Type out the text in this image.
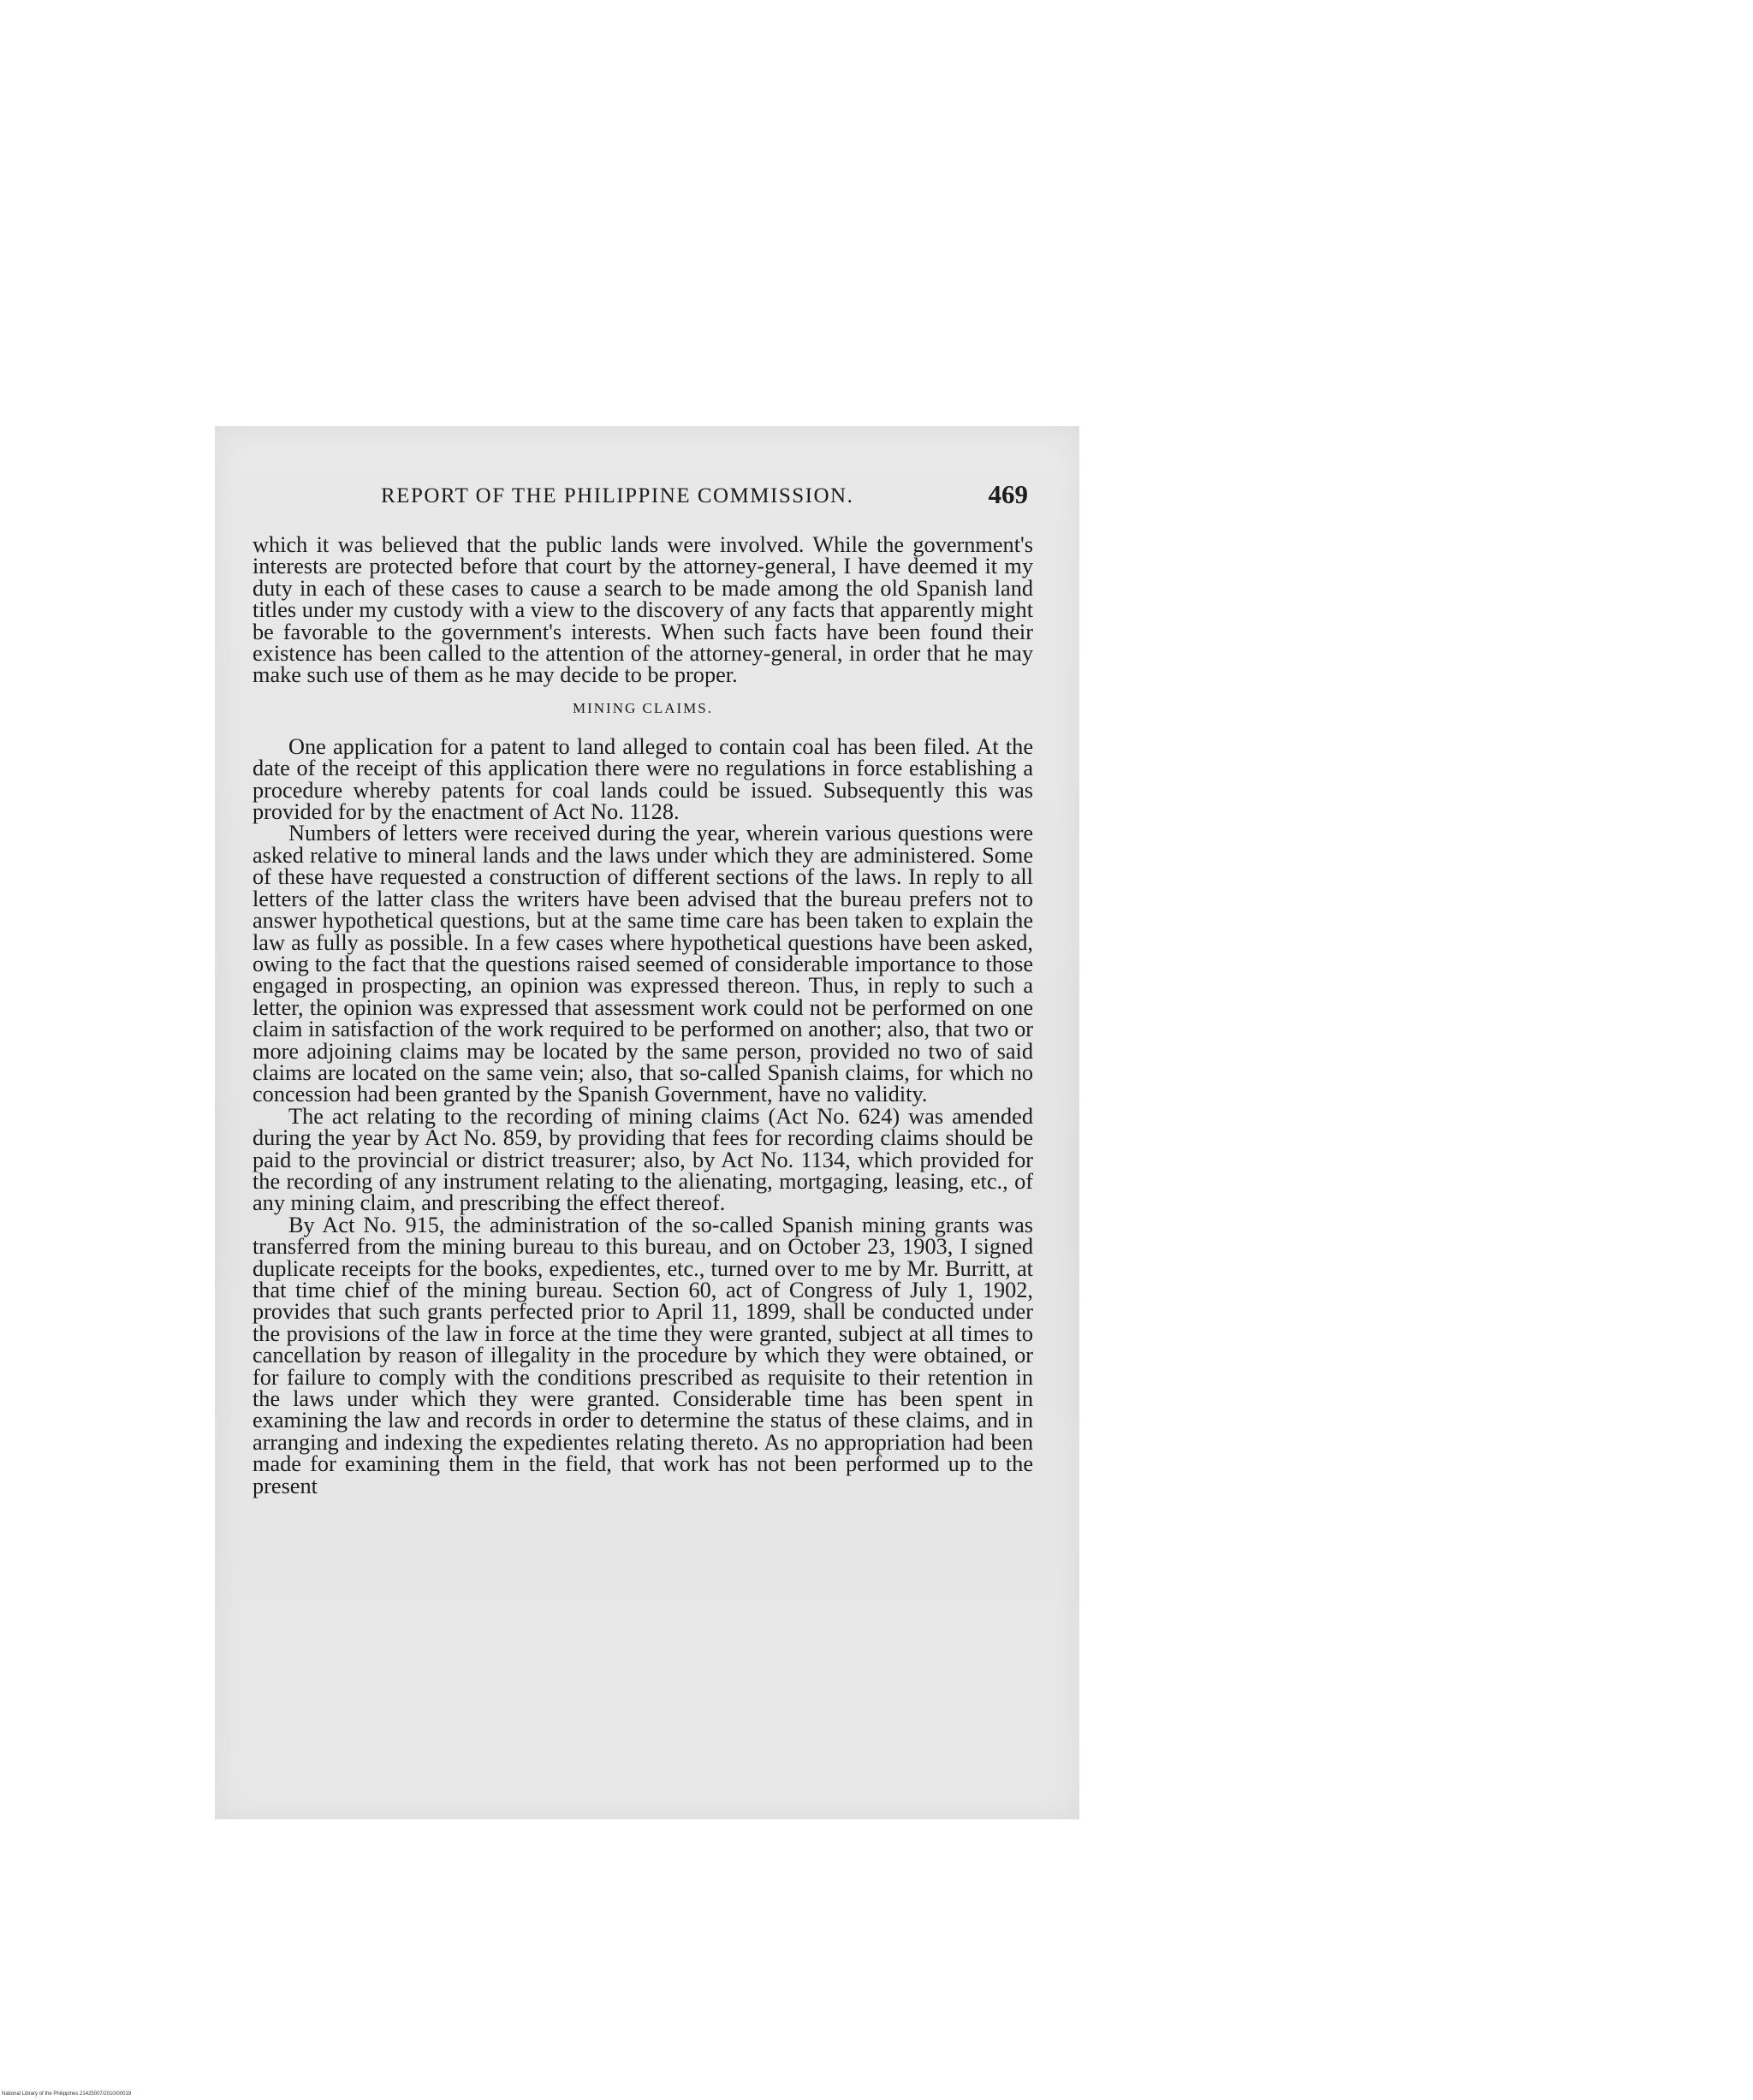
REPORT OF THE PHILIPPINE COMMISSION.	469

which it was believed that the public lands were involved. While the government's interests are protected before that court by the attorney-general, I have deemed it my duty in each of these cases to cause a search to be made among the old Spanish land titles under my custody with a view to the discovery of any facts that apparently might be favorable to the government's interests. When such facts have been found their existence has been called to the attention of the attorney-general, in order that he may make such use of them as he may decide to be proper.

MINING CLAIMS.

One application for a patent to land alleged to contain coal has been filed. At the date of the receipt of this application there were no regulations in force establishing a procedure whereby patents for coal lands could be issued. Subsequently this was provided for by the enactment of Act No. 1128.

Numbers of letters were received during the year, wherein various questions were asked relative to mineral lands and the laws under which they are administered. Some of these have requested a construction of different sections of the laws. In reply to all letters of the latter class the writers have been advised that the bureau prefers not to answer hypothetical questions, but at the same time care has been taken to explain the law as fully as possible. In a few cases where hypothetical questions have been asked, owing to the fact that the questions raised seemed of considerable importance to those engaged in prospecting, an opinion was expressed thereon. Thus, in reply to such a letter, the opinion was expressed that assessment work could not be performed on one claim in satisfaction of the work required to be performed on another; also, that two or more adjoining claims may be located by the same person, provided no two of said claims are located on the same vein; also, that so-called Spanish claims, for which no concession had been granted by the Spanish Government, have no validity.

The act relating to the recording of mining claims (Act No. 624) was amended during the year by Act No. 859, by providing that fees for recording claims should be paid to the provincial or district treasurer; also, by Act No. 1134, which provided for the recording of any instrument relating to the alienating, mortgaging, leasing, etc., of any mining claim, and prescribing the effect thereof.

By Act No. 915, the administration of the so-called Spanish mining grants was transferred from the mining bureau to this bureau, and on October 23, 1903, I signed duplicate receipts for the books, expedientes, etc., turned over to me by Mr. Burritt, at that time chief of the mining bureau. Section 60, act of Congress of July 1, 1902, provides that such grants perfected prior to April 11, 1899, shall be conducted under the provisions of the law in force at the time they were granted, subject at all times to cancellation by reason of illegality in the procedure by which they were obtained, or for failure to comply with the conditions prescribed as requisite to their retention in the laws under which they were granted. Considerable time has been spent in examining the law and records in order to determine the status of these claims, and in arranging and indexing the expedientes relating thereto. As no appropriation had been made for examining them in the field, that work has not been performed up to the present

National Library of the Philippines 21425007/2010/00019
